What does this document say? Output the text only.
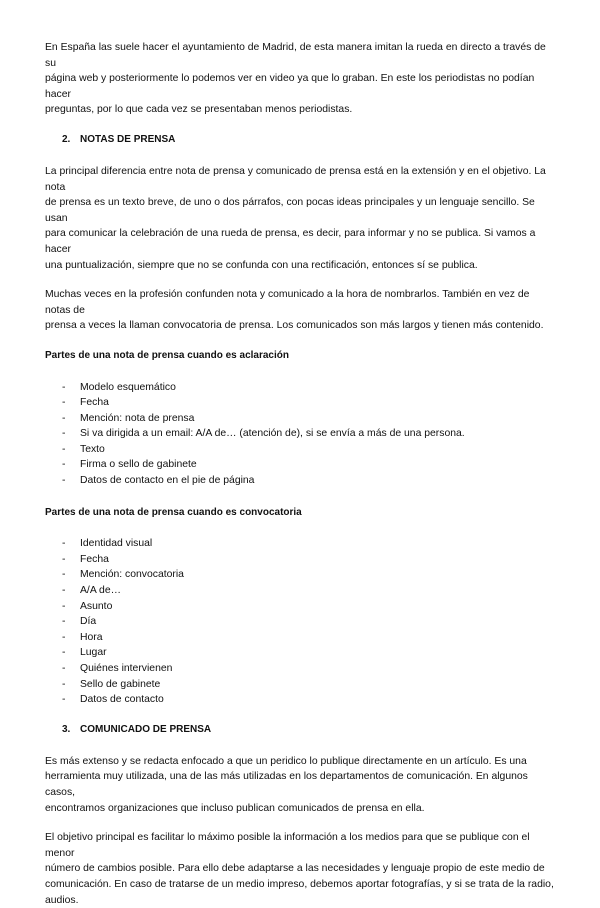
En España las suele hacer el ayuntamiento de Madrid, de esta manera imitan la rueda en directo a través de su

página web y posteriormente lo podemos ver en video ya que lo graban. En este los periodistas no podían hacer

preguntas, por lo que cada vez se presentaban menos periodistas.

2. NOTAS DE PRENSA

La principal diferencia entre nota de prensa y comunicado de prensa está en la extensión y en el objetivo. La nota

de prensa es un texto breve, de uno o dos párrafos, con pocas ideas principales y un lenguaje sencillo. Se usan

para comunicar la celebración de una rueda de prensa, es decir, para informar y no se publica. Si vamos a hacer

una puntualización, siempre que no se confunda con una rectificación, entonces sí se publica.

Muchas veces en la profesión confunden nota y comunicado a la hora de nombrarlos. También en vez de notas de

prensa a veces la llaman convocatoria de prensa. Los comunicados son más largos y tienen más contenido.

Partes de una nota de prensa cuando es aclaración

- Modelo esquemático
- Fecha
- Mención: nota de prensa
- Si va dirigida a un email: A/A de… (atención de), si se envía a más de una persona.
- Texto
- Firma o sello de gabinete
- Datos de contacto en el pie de página

Partes de una nota de prensa cuando es convocatoria

- Identidad visual
- Fecha
- Mención: convocatoria
- A/A de…
- Asunto
- Día
- Hora
- Lugar
- Quiénes intervienen
- Sello de gabinete
- Datos de contacto
3. COMUNICADO DE PRENSA

Es más extenso y se redacta enfocado a que un peridico lo publique directamente en un artículo. Es una

herramienta muy utilizada, una de las más utilizadas en los departamentos de comunicación. En algunos casos,

encontramos organizaciones que incluso publican comunicados de prensa en ella.

El objetivo principal es facilitar lo máximo posible la información a los medios para que se publique con el menor

número de cambios posible. Para ello debe adaptarse a las necesidades y lenguaje propio de este medio de

comunicación. En caso de tratarse de un medio impreso, debemos aportar fotografías, y si se trata de la radio,

audios.
